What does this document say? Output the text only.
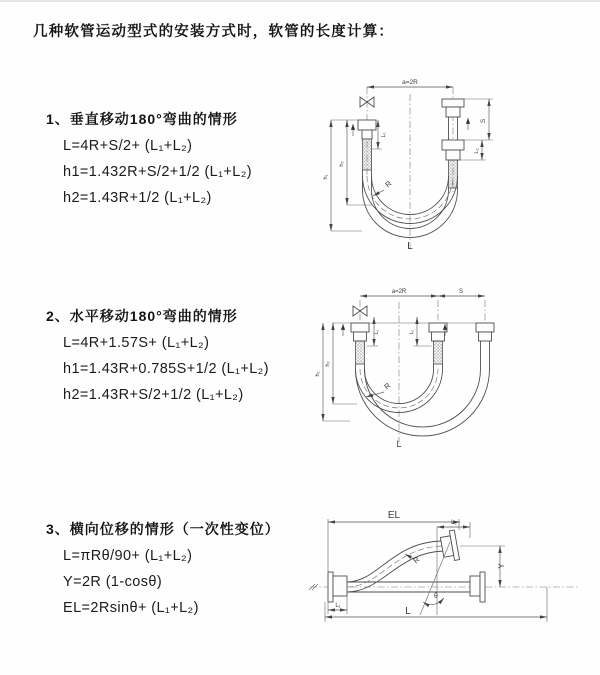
几种软管运动型式的安装方式时，软管的长度计算：
1、垂直移动180°弯曲的情形
L=4R+S/2+ (L₁+L₂)
h1=1.432R+S/2+1/2 (L₁+L₂)
h2=1.43R+1/2 (L₁+L₂)
2、水平移动180°弯曲的情形
L=4R+1.57S+ (L₁+L₂)
h1=1.43R+0.785S+1/2 (L₁+L₂)
h2=1.43R+S/2+1/2 (L₁+L₂)
3、横向位移的情形（一次性变位）
L=πRθ/90+ (L₁+L₂)
Y=2R (1-cosθ)
EL=2Rsinθ+ (L₁+L₂)
a=2R
S
L₂
L₁
h₂
h₁
R
L
a=2R	S
L₁	L₂
h₁
h₂
R
L
EL
L₂
Y
R
θ
L
L₁
